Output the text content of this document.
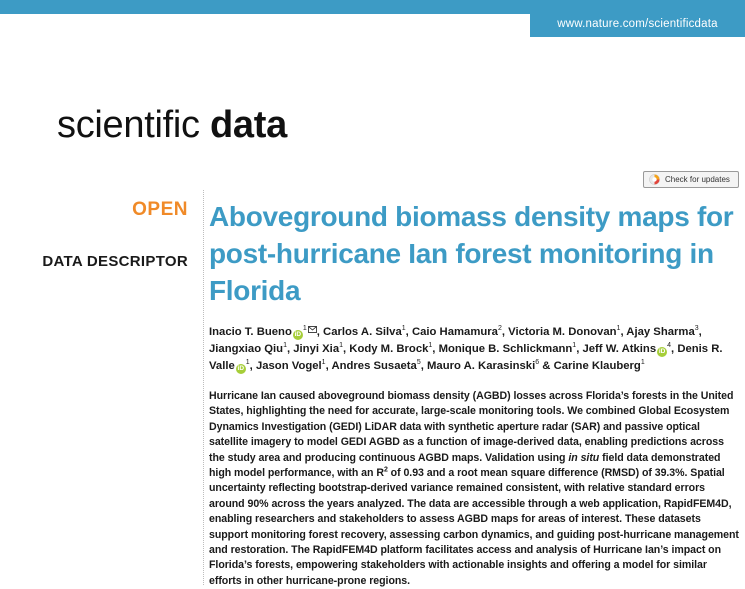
www.nature.com/scientificdata
scientific data
Check for updates
OPEN
DATA DESCRIPTOR
Aboveground biomass density maps for post-hurricane Ian forest monitoring in Florida

Inacio T. Bueno $iD^1$ , Carlos A. Silva$^1$, Caio Hamamura$^2$, Victoria M. Donovan$^1$, Ajay Sharma$^3$, Jiangxiao Qiu$^1$, Jinyi Xia$^1$, Kody M. Brock$^1$, Monique B. Schlickmann$^1$, Jeff W. Atkins $iD^4$, Denis R. Valle $iD^1$, Jason Vogel$^1$, Andres Susaeta$^5$, Mauro A. Karasinski$^6$ & Carine Klauberg$^1$

Hurricane Ian caused aboveground biomass density (AGBD) losses across Florida’s forests in the United States, highlighting the need for accurate, large-scale monitoring tools. We combined Global Ecosystem Dynamics Investigation (GEDI) LiDAR data with synthetic aperture radar (SAR) and passive optical satellite imagery to model GEDI AGBD as a function of image-derived data, enabling predictions across the study area and producing continuous AGBD maps. Validation using in situ field data demonstrated high model performance, with an $R^2$ of 0.93 and a root mean square difference (RMSD) of 39.3%. Spatial uncertainty reflecting bootstrap-derived variance remained consistent, with relative standard errors around 90% across the years analyzed. The data are accessible through a web application, RapidFEM4D, enabling researchers and stakeholders to assess AGBD maps for areas of interest. These datasets support monitoring forest recovery, assessing carbon dynamics, and guiding post-hurricane management and restoration. The RapidFEM4D platform facilitates access and analysis of Hurricane Ian’s impact on Florida’s forests, empowering stakeholders with actionable insights and offering a model for similar efforts in other hurricane-prone regions.
